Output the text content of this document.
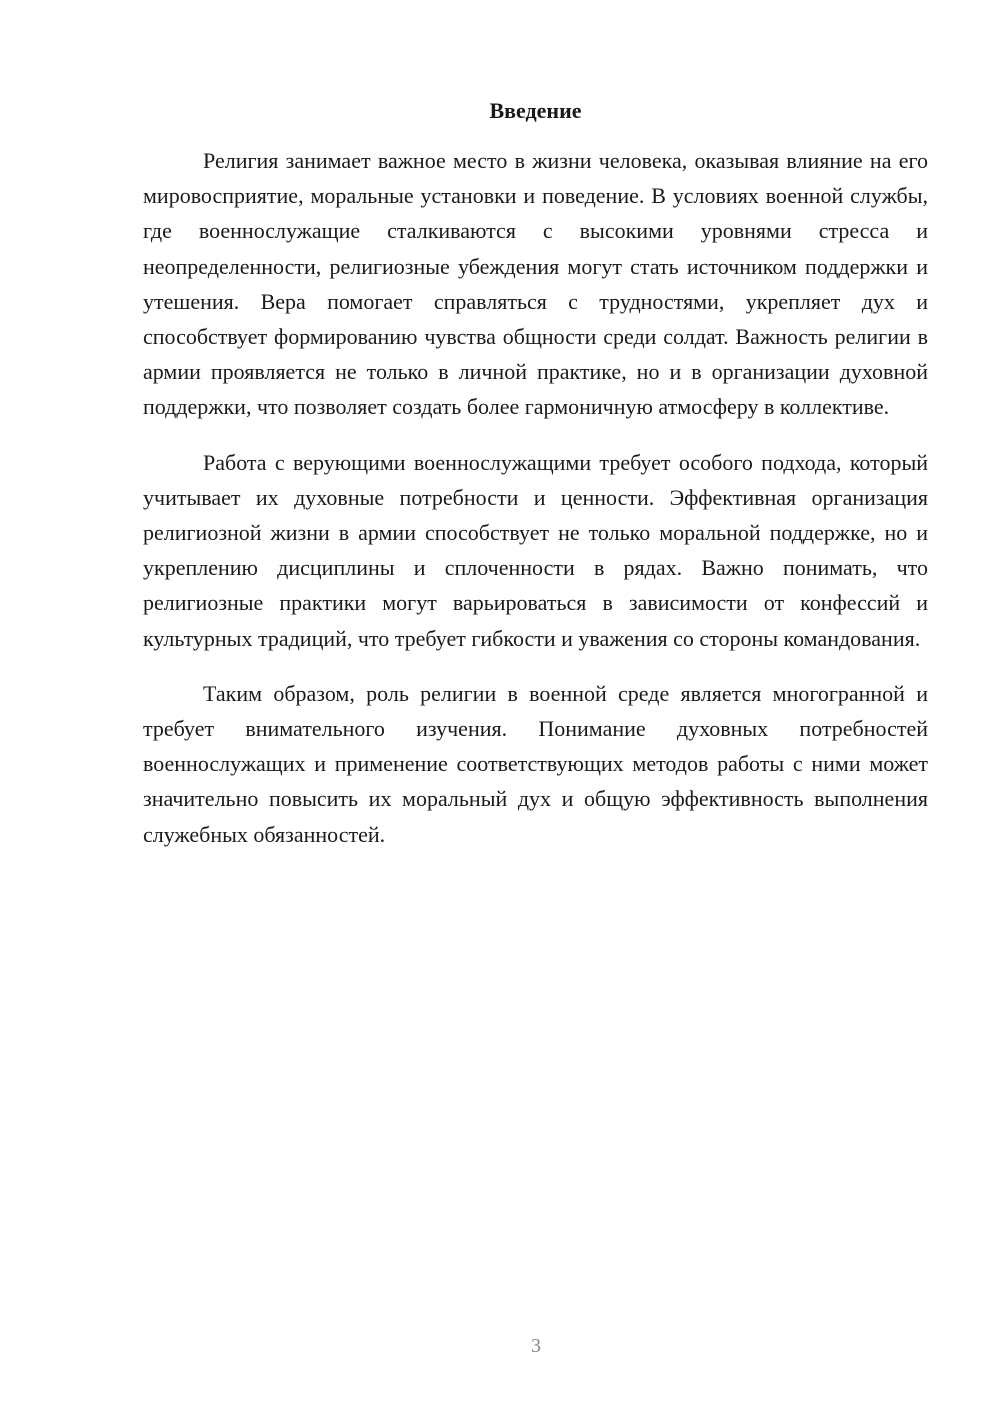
Введение

Религия занимает важное место в жизни человека, оказывая влияние на его мировосприятие, моральные установки и поведение. В условиях военной службы, где военнослужащие сталкиваются с высокими уровнями стресса и неопределенности, религиозные убеждения могут стать источником поддержки и утешения. Вера помогает справляться с трудностями, укрепляет дух и способствует формированию чувства общности среди солдат. Важность религии в армии проявляется не только в личной практике, но и в организации духовной поддержки, что позволяет создать более гармоничную атмосферу в коллективе.

Работа с верующими военнослужащими требует особого подхода, который учитывает их духовные потребности и ценности. Эффективная организация религиозной жизни в армии способствует не только моральной поддержке, но и укреплению дисциплины и сплоченности в рядах. Важно понимать, что религиозные практики могут варьироваться в зависимости от конфессий и культурных традиций, что требует гибкости и уважения со стороны командования.

Таким образом, роль религии в военной среде является многогранной и требует внимательного изучения. Понимание духовных потребностей военнослужащих и применение соответствующих методов работы с ними может значительно повысить их моральный дух и общую эффективность выполнения служебных обязанностей.

3
